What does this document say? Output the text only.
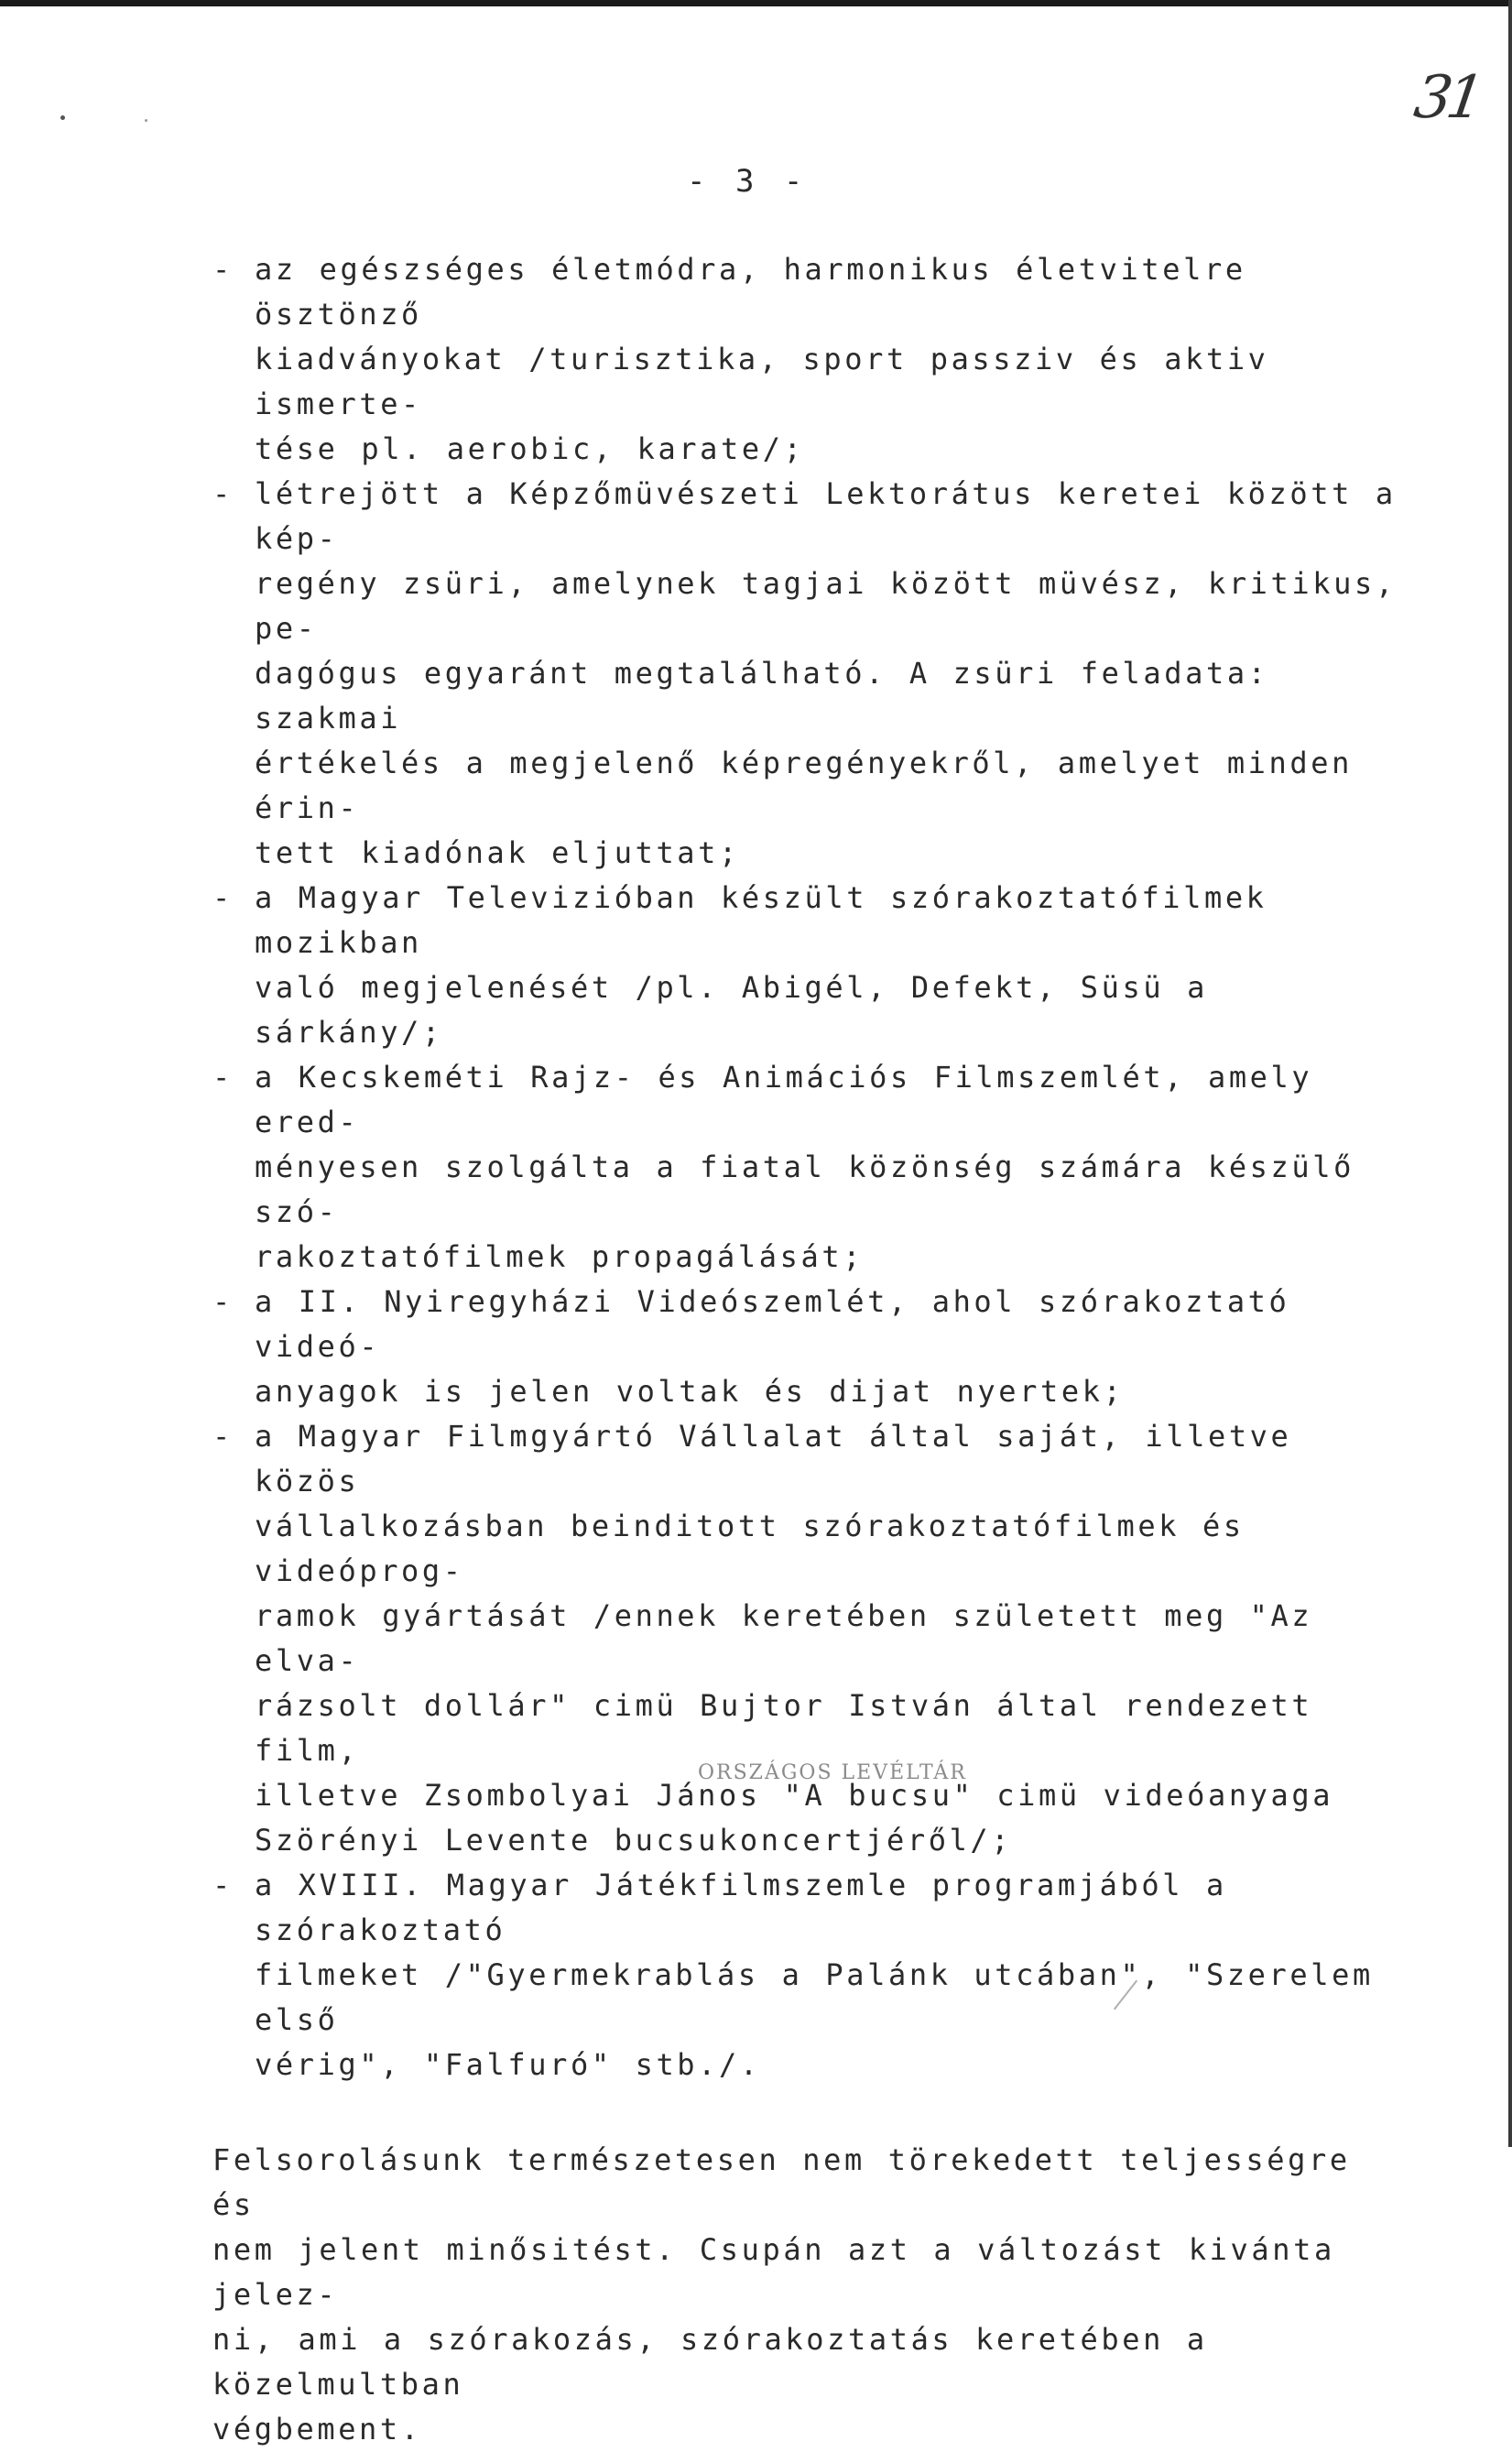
31
- 3 -
- az egészséges életmódra, harmonikus életvitelre ösztönző
kiadványokat /turisztika, sport passziv és aktiv ismerte-
tése pl. aerobic, karate/;
- létrejött a Képzőmüvészeti Lektorátus keretei között a kép-
regény zsüri, amelynek tagjai között müvész, kritikus, pe-
dagógus egyaránt megtalálható. A zsüri feladata: szakmai
értékelés a megjelenő képregényekről, amelyet minden érin-
tett kiadónak eljuttat;
- a Magyar Televizióban készült szórakoztatófilmek mozikban
való megjelenését /pl. Abigél, Defekt, Süsü a sárkány/;
- a Kecskeméti Rajz- és Animációs Filmszemlét, amely ered-
ményesen szolgálta a fiatal közönség számára készülő szó-
rakoztatófilmek propagálását;
- a II. Nyiregyházi Videószemlét, ahol szórakoztató videó-
anyagok is jelen voltak és dijat nyertek;
- a Magyar Filmgyártó Vállalat által saját, illetve közös
vállalkozásban beinditott szórakoztatófilmek és videóprog-
ramok gyártását /ennek keretében született meg "Az elva-
rázsolt dollár" cimü Bujtor István által rendezett film,
illetve Zsombolyai János "A bucsu" cimü videóanyaga
Szörényi Levente bucsukoncertjéről/;
- a XVIII. Magyar Játékfilmszemle programjából a szórakoztató
filmeket /"Gyermekrablás a Palánk utcában", "Szerelem első
vérig", "Falfuró" stb./.
Felsorolásunk természetesen nem törekedett teljességre és
nem jelent minősitést. Csupán azt a változást kivánta jelez-
ni, ami a szórakozás, szórakoztatás keretében a közelmultban
végbement.
ORSZÁGOS LEVÉLTÁR
